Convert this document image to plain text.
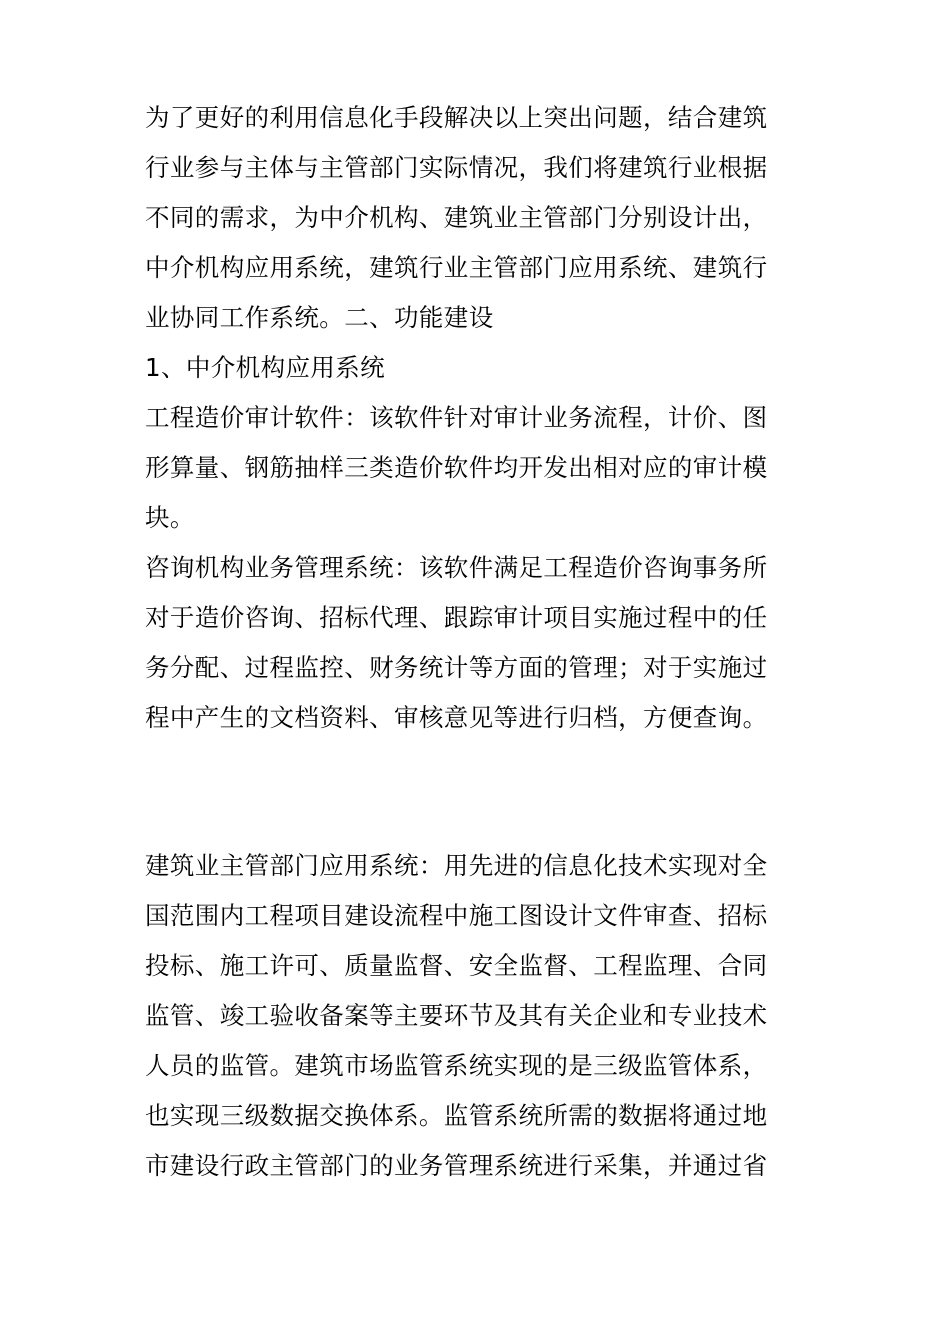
为了更好的利用信息化手段解决以上突出问题，结合建筑

行业参与主体与主管部门实际情况，我们将建筑行业根据

不同的需求，为中介机构、建筑业主管部门分别设计出，

中介机构应用系统，建筑行业主管部门应用系统、建筑行

业协同工作系统。二、功能建设

1、中介机构应用系统

工程造价审计软件：该软件针对审计业务流程，计价、图

形算量、钢筋抽样三类造价软件均开发出相对应的审计模

块。

咨询机构业务管理系统：该软件满足工程造价咨询事务所

对于造价咨询、招标代理、跟踪审计项目实施过程中的任

务分配、过程监控、财务统计等方面的管理；对于实施过

程中产生的文档资料、审核意见等进行归档，方便查询。

建筑业主管部门应用系统：用先进的信息化技术实现对全

国范围内工程项目建设流程中施工图设计文件审查、招标

投标、施工许可、质量监督、安全监督、工程监理、合同

监管、竣工验收备案等主要环节及其有关企业和专业技术

人员的监管。建筑市场监管系统实现的是三级监管体系，

也实现三级数据交换体系。监管系统所需的数据将通过地

市建设行政主管部门的业务管理系统进行采集，并通过省
